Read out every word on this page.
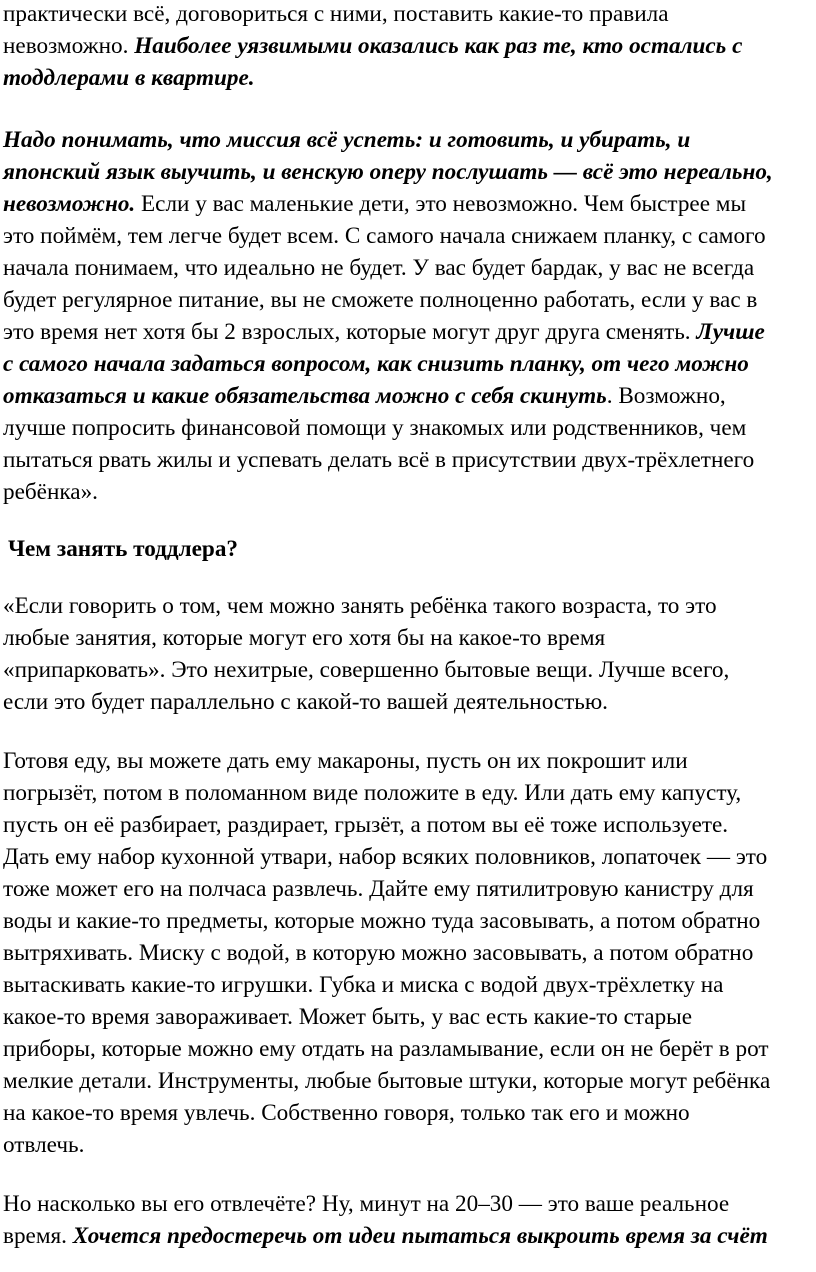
практически всё, договориться с ними, поставить какие-то правила
невозможно. Наиболее уязвимыми оказались как раз те, кто остались с
тоддлерами в квартире.

Надо понимать, что миссия всё успеть: и готовить, и убирать, и
японский язык выучить, и венскую оперу послушать — всё это нереально,
невозможно. Если у вас маленькие дети, это невозможно. Чем быстрее мы
это поймём, тем легче будет всем. С самого начала снижаем планку, с самого
начала понимаем, что идеально не будет. У вас будет бардак, у вас не всегда
будет регулярное питание, вы не сможете полноценно работать, если у вас в
это время нет хотя бы 2 взрослых, которые могут друг друга сменять. Лучше
с самого начала задаться вопросом, как снизить планку, от чего можно
отказаться и какие обязательства можно с себя скинуть. Возможно,
лучше попросить финансовой помощи у знакомых или родственников, чем
пытаться рвать жилы и успевать делать всё в присутствии двух-трёхлетнего
ребёнка».

Чем занять тоддлера?

«Если говорить о том, чем можно занять ребёнка такого возраста, то это
любые занятия, которые могут его хотя бы на какое-то время
«припарковать». Это нехитрые, совершенно бытовые вещи. Лучше всего,
если это будет параллельно с какой-то вашей деятельностью.

Готовя еду, вы можете дать ему макароны, пусть он их покрошит или
погрызёт, потом в поломанном виде положите в еду. Или дать ему капусту,
пусть он её разбирает, раздирает, грызёт, а потом вы её тоже используете.
Дать ему набор кухонной утвари, набор всяких половников, лопаточек — это
тоже может его на полчаса развлечь. Дайте ему пятилитровую канистру для
воды и какие-то предметы, которые можно туда засовывать, а потом обратно
вытряхивать. Миску с водой, в которую можно засовывать, а потом обратно
вытаскивать какие-то игрушки. Губка и миска с водой двух-трёхлетку на
какое-то время завораживает. Может быть, у вас есть какие-то старые
приборы, которые можно ему отдать на разламывание, если он не берёт в рот
мелкие детали. Инструменты, любые бытовые штуки, которые могут ребёнка
на какое-то время увлечь. Собственно говоря, только так его и можно
отвлечь.

Но насколько вы его отвлечёте? Ну, минут на 20–30 — это ваше реальное
время. Хочется предостеречь от идеи пытаться выкроить время за счёт
